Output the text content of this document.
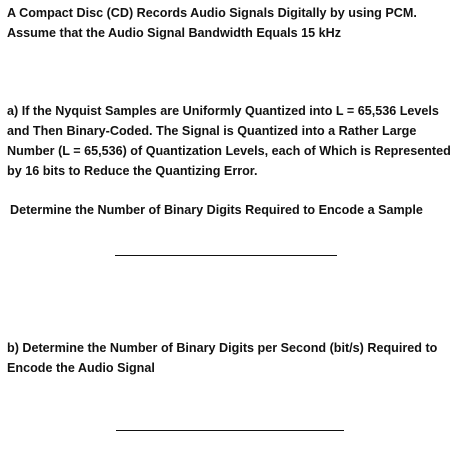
A Compact Disc (CD) Records Audio Signals Digitally by using PCM.
Assume that the Audio Signal Bandwidth Equals 15 kHz
a) If the Nyquist Samples are Uniformly Quantized into L = 65,536 Levels
and Then Binary-Coded. The Signal is Quantized into a Rather Large
Number (L = 65,536) of Quantization Levels, each of Which is Represented
by 16 bits to Reduce the Quantizing Error.
Determine the Number of Binary Digits Required to Encode a Sample
b) Determine the Number of Binary Digits per Second (bit/s) Required to
Encode the Audio Signal
